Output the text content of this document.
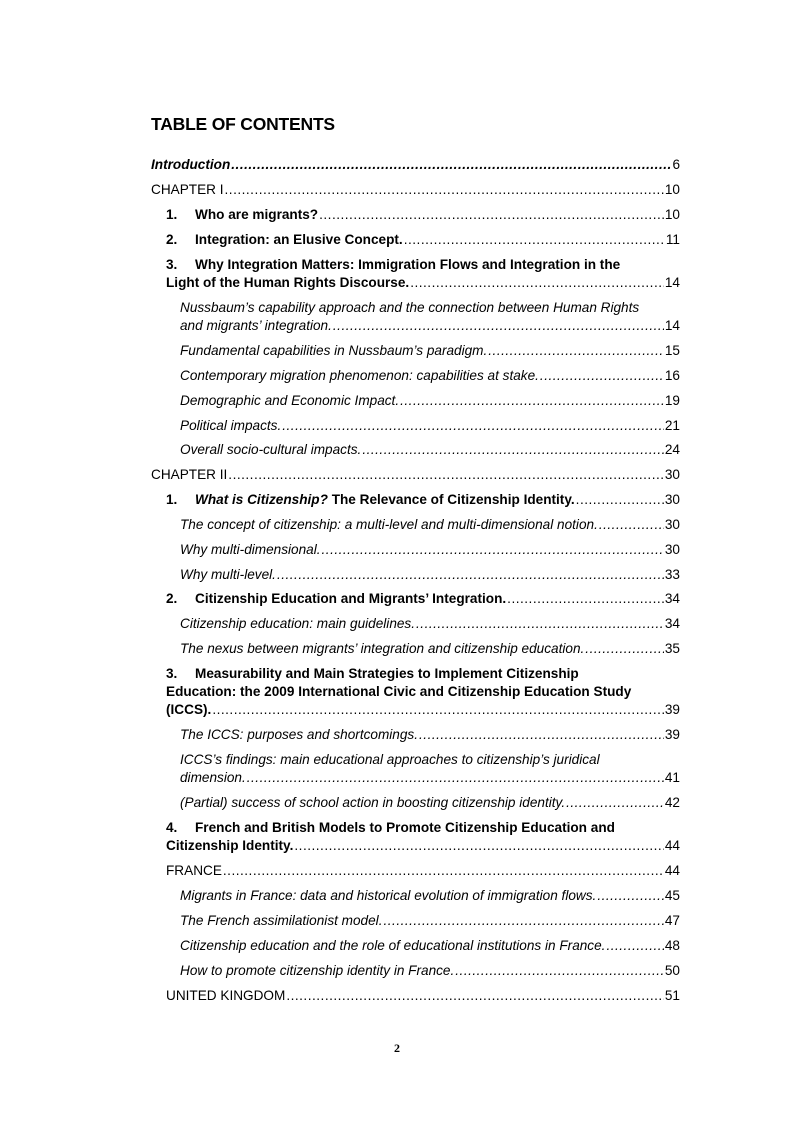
TABLE OF CONTENTS
Introduction .....	6
CHAPTER I .....	10
1. Who are migrants? .....	10
2. Integration: an Elusive Concept. .....	11
3. Why Integration Matters: Immigration Flows and Integration in the
Light of the Human Rights Discourse. .....	14
Nussbaum’s capability approach and the connection between Human Rights
and migrants’ integration. .....	14
Fundamental capabilities in Nussbaum’s paradigm. .....	15
Contemporary migration phenomenon: capabilities at stake. .....	16
Demographic and Economic Impact. .....	19
Political impacts. .....	21
Overall socio-cultural impacts. .....	24
CHAPTER II .....	30
1. What is Citizenship? The Relevance of Citizenship Identity. .....	30
The concept of citizenship: a multi-level and multi-dimensional notion. .....	30
Why multi-dimensional. .....	30
Why multi-level. .....	33
2. Citizenship Education and Migrants’ Integration. .....	34
Citizenship education: main guidelines. .....	34
The nexus between migrants’ integration and citizenship education. .....	35
3. Measurability and Main Strategies to Implement Citizenship
Education: the 2009 International Civic and Citizenship Education Study
(ICCS). .....	39
The ICCS: purposes and shortcomings. .....	39
ICCS’s findings: main educational approaches to citizenship’s juridical
dimension. .....	41
(Partial) success of school action in boosting citizenship identity. .....	42
4. French and British Models to Promote Citizenship Education and
Citizenship Identity. .....	44
FRANCE .....	44
Migrants in France: data and historical evolution of immigration flows. .....	45
The French assimilationist model. .....	47
Citizenship education and the role of educational institutions in France. .....	48
How to promote citizenship identity in France. .....	50
UNITED KINGDOM .....	51
2
